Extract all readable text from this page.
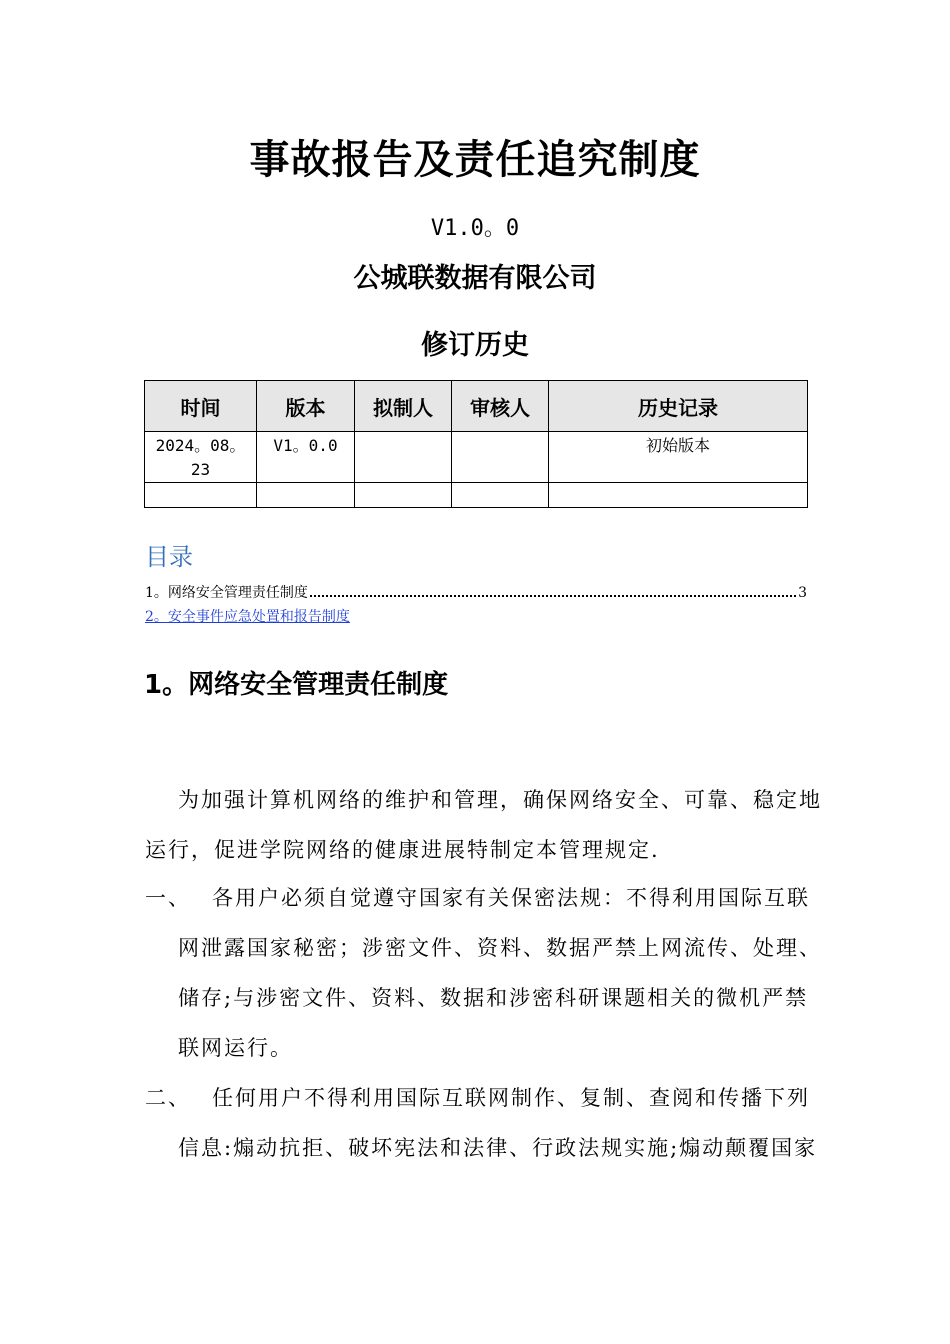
事故报告及责任追究制度
V1.0。0
公城联数据有限公司
修订历史
时间	版本	拟制人	审核人	历史记录

2024。08。
23	V1。0.0			初始版本

目录
1。网络安全管理责任制度	3
2。安全事件应急处置和报告制度
1。网络安全管理责任制度
为加强计算机网络的维护和管理，确保网络安全、可靠、稳定地
运行，促进学院网络的健康进展特制定本管理规定.
一、 各用户必须自觉遵守国家有关保密法规：不得利用国际互联
网泄露国家秘密；涉密文件、资料、数据严禁上网流传、处理、
储存;与涉密文件、资料、数据和涉密科研课题相关的微机严禁
联网运行。
二、 任何用户不得利用国际互联网制作、复制、查阅和传播下列
信息:煽动抗拒、破坏宪法和法律、行政法规实施;煽动颠覆国家
